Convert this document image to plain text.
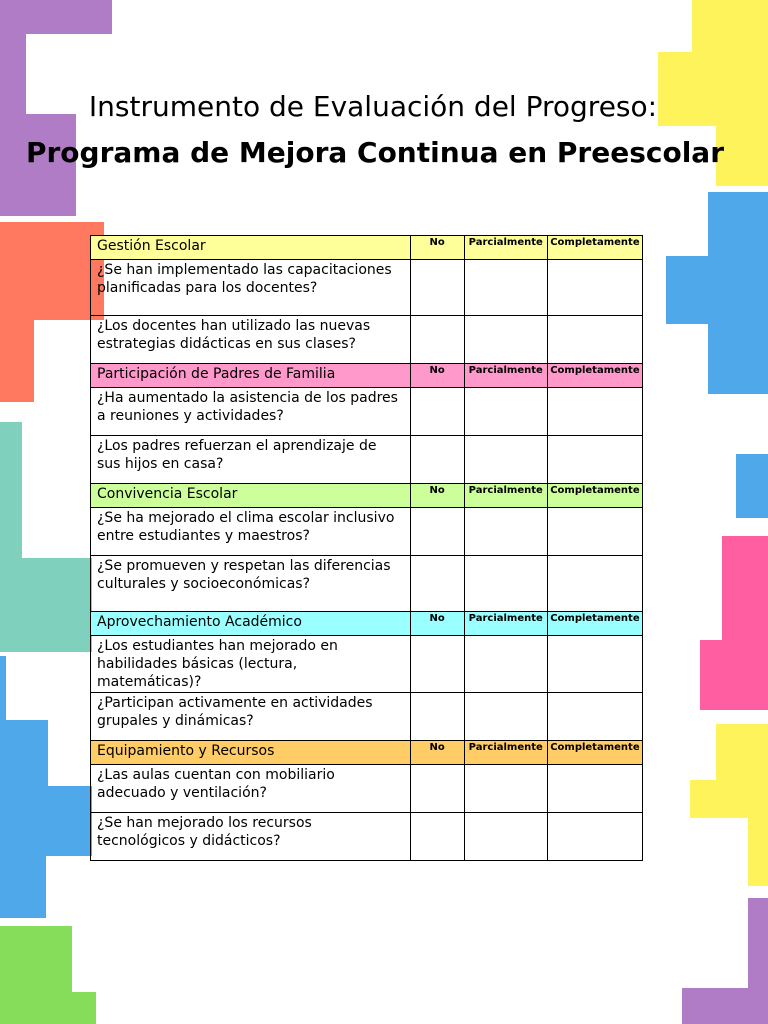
Instrumento de Evaluación del Progreso:
Programa de Mejora Continua en Preescolar
Gestión Escolar	No	Parcialmente	Completamente
¿Se han implementado las capacitaciones planificadas para los docentes?			
¿Los docentes han utilizado las nuevas estrategias didácticas en sus clases?			
Participación de Padres de Familia	No	Parcialmente	Completamente
¿Ha aumentado la asistencia de los padres a reuniones y actividades?			
¿Los padres refuerzan el aprendizaje de sus hijos en casa?			
Convivencia Escolar	No	Parcialmente	Completamente
¿Se ha mejorado el clima escolar inclusivo entre estudiantes y maestros?			
¿Se promueven y respetan las diferencias culturales y socioeconómicas?			
Aprovechamiento Académico	No	Parcialmente	Completamente
¿Los estudiantes han mejorado en habilidades básicas (lectura, matemáticas)?			
¿Participan activamente en actividades grupales y dinámicas?			
Equipamiento y Recursos	No	Parcialmente	Completamente
¿Las aulas cuentan con mobiliario adecuado y ventilación?			
¿Se han mejorado los recursos tecnológicos y didácticos?			
